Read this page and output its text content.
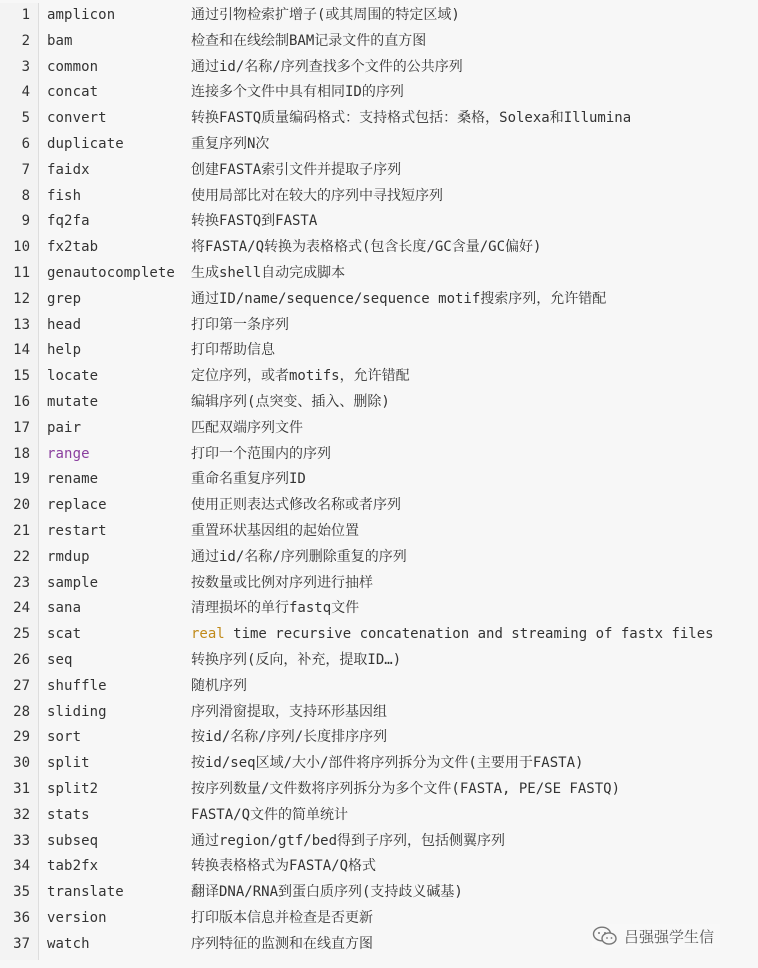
1 amplicon	通过引物检索扩增子(或其周围的特定区域)
2 bam	检查和在线绘制BAM记录文件的直方图
3 common	通过id/名称/序列查找多个文件的公共序列
4 concat	连接多个文件中具有相同ID的序列
5 convert	转换FASTQ质量编码格式：支持格式包括：桑格，Solexa和Illumina
6 duplicate	重复序列N次
7 faidx	创建FASTA索引文件并提取子序列
8 fish	使用局部比对在较大的序列中寻找短序列
9 fq2fa	转换FASTQ到FASTA
10 fx2tab	将FASTA/Q转换为表格格式(包含长度/GC含量/GC偏好)
11 genautocomplete 生成shell自动完成脚本
12 grep	通过ID/name/sequence/sequence motif搜索序列，允许错配
13 head	打印第一条序列
14 help	打印帮助信息
15 locate	定位序列，或者motifs，允许错配
16 mutate	编辑序列(点突变、插入、删除)
17 pair	匹配双端序列文件
18 range	打印一个范围内的序列
19 rename	重命名重复序列ID
20 replace	使用正则表达式修改名称或者序列
21 restart	重置环状基因组的起始位置
22 rmdup	通过id/名称/序列删除重复的序列
23 sample	按数量或比例对序列进行抽样
24 sana	清理损坏的单行fastq文件
25 scat	real time recursive concatenation and streaming of fastx files
26 seq	转换序列(反向，补充，提取ID…)
27 shuffle	随机序列
28 sliding	序列滑窗提取，支持环形基因组
29 sort	按id/名称/序列/长度排序序列
30 split	按id/seq区域/大小/部件将序列拆分为文件(主要用于FASTA)
31 split2	按序列数量/文件数将序列拆分为多个文件(FASTA, PE/SE FASTQ)
32 stats	FASTA/Q文件的简单统计
33 subseq	通过region/gtf/bed得到子序列，包括侧翼序列
34 tab2fx	转换表格格式为FASTA/Q格式
35 translate	翻译DNA/RNA到蛋白质序列(支持歧义碱基)
36 version	打印版本信息并检查是否更新
37 watch	序列特征的监测和在线直方图	吕强强学生信
